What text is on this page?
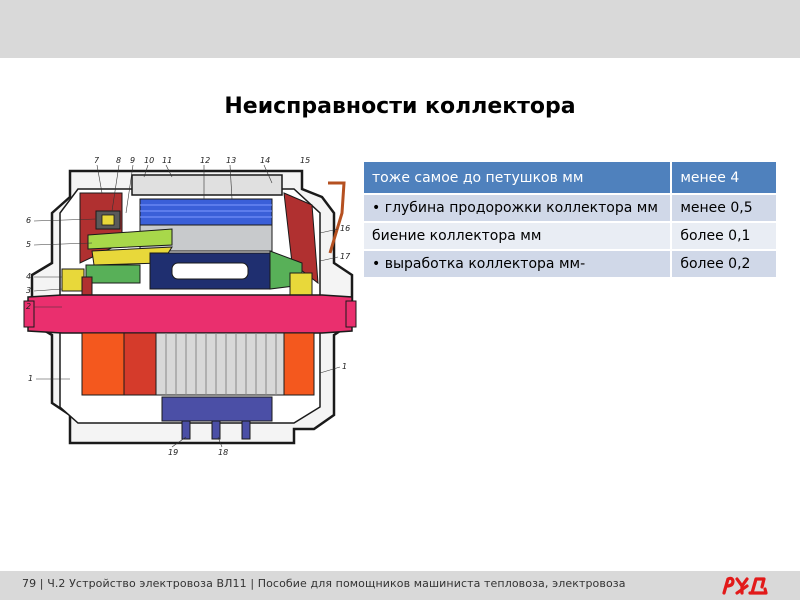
Неисправности коллектора
7 8 9 10 11	12 13	14	15
6
5
4
3
2
1
16
17
1
19	18
тоже самое до петушков мм	менее 4
• глубина продорожки коллектора мм	менее 0,5
биение коллектора мм	более 0,1
• выработка коллектора мм-	более 0,2
79 | Ч.2 Устройство электровоза ВЛ11 | Пособие для помощников машиниста тепловоза, электровоза
